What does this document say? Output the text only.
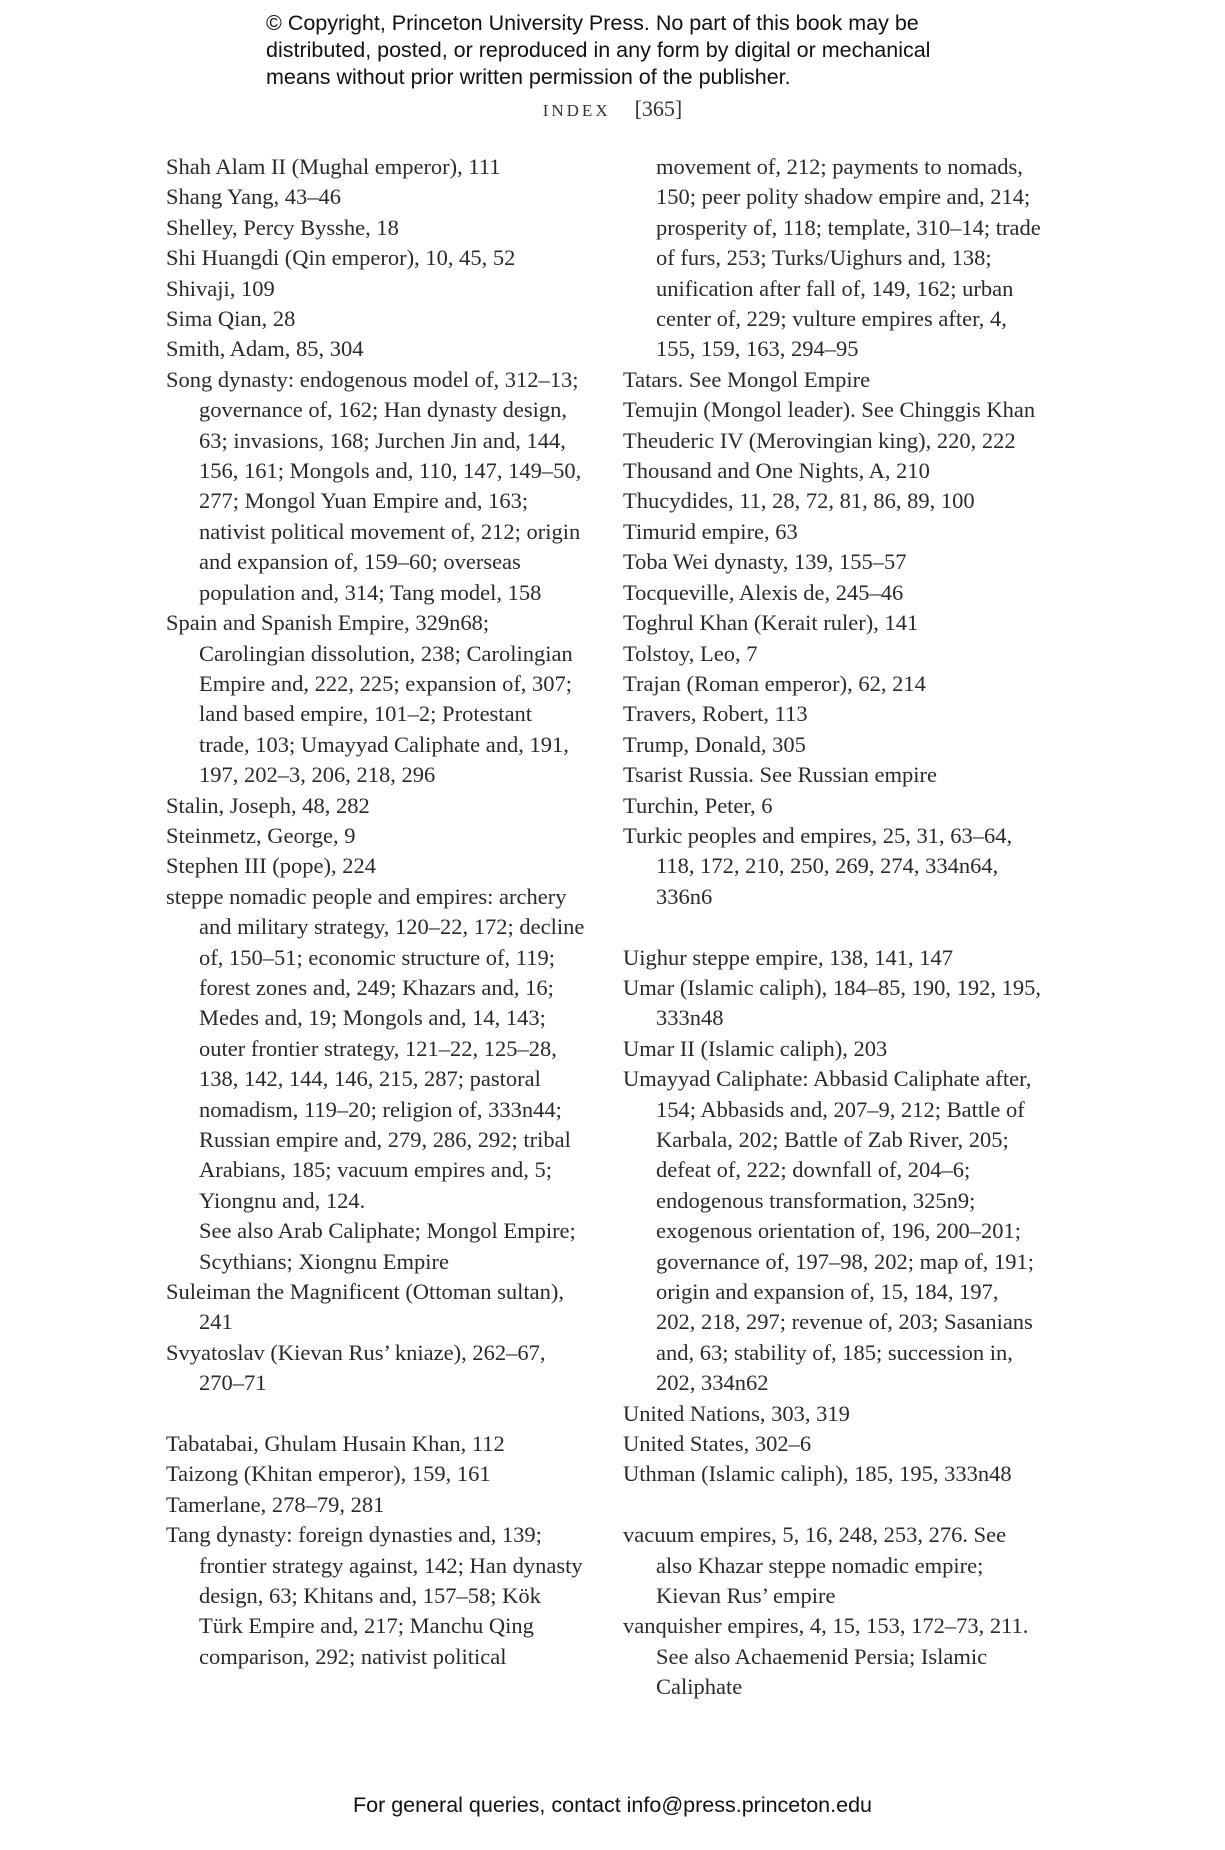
© Copyright, Princeton University Press. No part of this book may be
distributed, posted, or reproduced in any form by digital or mechanical
means without prior written permission of the publisher.
INDEX [365]

Shah Alam II (Mughal emperor), 111

Shang Yang, 43–46

Shelley, Percy Bysshe, 18

Shi Huangdi (Qin emperor), 10, 45, 52

Shivaji, 109

Sima Qian, 28

Smith, Adam, 85, 304

Song dynasty: endogenous model of, 312–13; governance of, 162; Han dynasty design, 63; invasions, 168; Jurchen Jin and, 144, 156, 161; Mongols and, 110, 147, 149–50, 277; Mongol Yuan Empire and, 163; nativist political movement of, 212; origin and expansion of, 159–60; overseas population and, 314; Tang model, 158

Spain and Spanish Empire, 329n68; Carolingian dissolution, 238; Carolingian Empire and, 222, 225; expansion of, 307; land based empire, 101–2; Protestant trade, 103; Umayyad Caliphate and, 191, 197, 202–3, 206, 218, 296

Stalin, Joseph, 48, 282

Steinmetz, George, 9

Stephen III (pope), 224

steppe nomadic people and empires: archery and military strategy, 120–22, 172; decline of, 150–51; economic structure of, 119; forest zones and, 249; Khazars and, 16; Medes and, 19; Mongols and, 14, 143; outer frontier strategy, 121–22, 125–28, 138, 142, 144, 146, 215, 287; pastoral nomadism, 119–20; religion of, 333n44; Russian empire and, 279, 286, 292; tribal Arabians, 185; vacuum empires and, 5; Yiongnu and, 124.

See also Arab Caliphate; Mongol Empire; Scythians; Xiongnu Empire

Suleiman the Magnificent (Ottoman sultan), 241

Svyatoslav (Kievan Rus’ kniaze), 262–67, 270–71

Tabatabai, Ghulam Husain Khan, 112

Taizong (Khitan emperor), 159, 161

Tamerlane, 278–79, 281

Tang dynasty: foreign dynasties and, 139; frontier strategy against, 142; Han dynasty design, 63; Khitans and, 157–58; Kök Türk Empire and, 217; Manchu Qing comparison, 292; nativist political

movement of, 212; payments to nomads, 150; peer polity shadow empire and, 214; prosperity of, 118; template, 310–14; trade of furs, 253; Turks/Uighurs and, 138; unification after fall of, 149, 162; urban center of, 229; vulture empires after, 4, 155, 159, 163, 294–95

Tatars. See Mongol Empire

Temujin (Mongol leader). See Chinggis Khan

Theuderic IV (Merovingian king), 220, 222

Thousand and One Nights, A, 210

Thucydides, 11, 28, 72, 81, 86, 89, 100

Timurid empire, 63

Toba Wei dynasty, 139, 155–57

Tocqueville, Alexis de, 245–46

Toghrul Khan (Kerait ruler), 141

Tolstoy, Leo, 7

Trajan (Roman emperor), 62, 214

Travers, Robert, 113

Trump, Donald, 305

Tsarist Russia. See Russian empire

Turchin, Peter, 6

Turkic peoples and empires, 25, 31, 63–64, 118, 172, 210, 250, 269, 274, 334n64, 336n6

Uighur steppe empire, 138, 141, 147

Umar (Islamic caliph), 184–85, 190, 192, 195, 333n48

Umar II (Islamic caliph), 203

Umayyad Caliphate: Abbasid Caliphate after, 154; Abbasids and, 207–9, 212; Battle of Karbala, 202; Battle of Zab River, 205; defeat of, 222; downfall of, 204–6; endogenous transformation, 325n9; exogenous orientation of, 196, 200–201; governance of, 197–98, 202; map of, 191; origin and expansion of, 15, 184, 197, 202, 218, 297; revenue of, 203; Sasanians and, 63; stability of, 185; succession in, 202, 334n62

United Nations, 303, 319

United States, 302–6

Uthman (Islamic caliph), 185, 195, 333n48

vacuum empires, 5, 16, 248, 253, 276. See also Khazar steppe nomadic empire; Kievan Rus’ empire

vanquisher empires, 4, 15, 153, 172–73, 211. See also Achaemenid Persia; Islamic Caliphate

For general queries, contact info@press.princeton.edu
